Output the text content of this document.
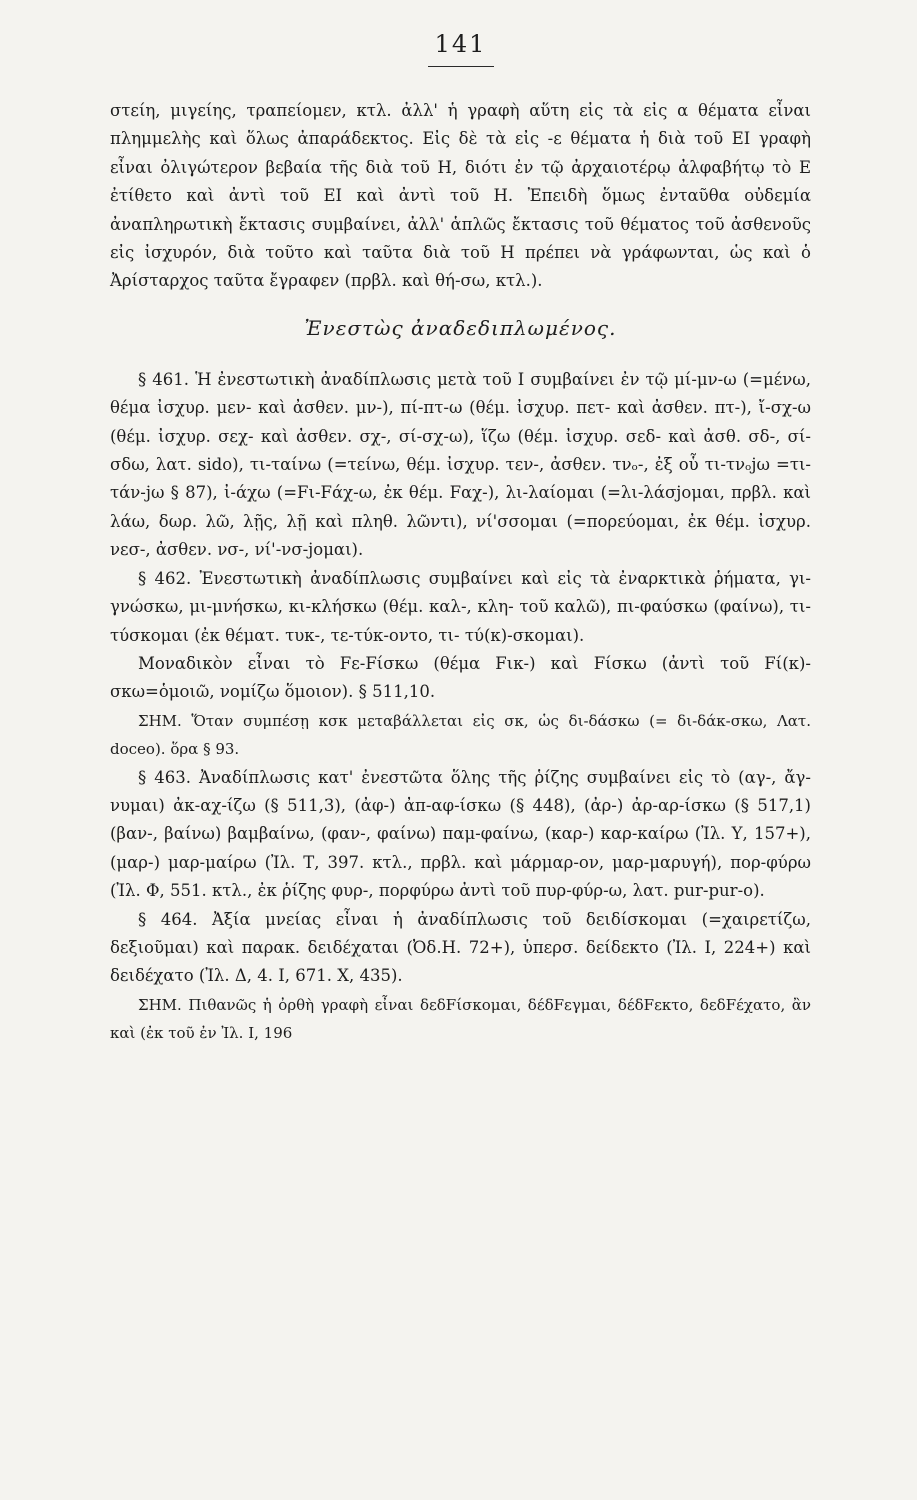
141

στείη, μιγείης, τραπείομεν, κτλ. ἀλλ' ἡ γραφὴ αὕτη εἰς τὰ εἰς α θέματα εἶναι πλημμελὴς καὶ ὅλως ἀπαράδεκτος. Εἰς δὲ τὰ εἰς -ε θέματα ἡ διὰ τοῦ ΕΙ γραφὴ εἶναι ὀλιγώτερον βεβαία τῆς διὰ τοῦ Η, διότι ἐν τῷ ἀρχαιοτέρῳ ἀλφαβήτῳ τὸ Ε ἐτίθετο καὶ ἀντὶ τοῦ ΕΙ καὶ ἀντὶ τοῦ Η. Ἐπειδὴ ὅμως ἐνταῦθα οὐδεμία ἀναπληρωτικὴ ἔκτασις συμβαίνει, ἀλλ' ἁπλῶς ἔκτασις τοῦ θέματος τοῦ ἀσθενοῦς εἰς ἰσχυρόν, διὰ τοῦτο καὶ ταῦτα διὰ τοῦ Η πρέπει νὰ γράφωνται, ὡς καὶ ὁ Ἀρίσταρχος ταῦτα ἔγραφεν (πρβλ. καὶ θή-σω, κτλ.).

Ἐνεστὼς ἀναδεδιπλωμένος.

§ 461. Ἡ ἐνεστωτικὴ ἀναδίπλωσις μετὰ τοῦ Ι συμβαίνει ἐν τῷ μί-μν-ω (=μένω, θέμα ἰσχυρ. μεν- καὶ ἀσθεν. μν-), πί-πτ-ω (θέμ. ἰσχυρ. πετ- καὶ ἀσθεν. πτ-), ἴ-σχ-ω (θέμ. ἰσχυρ. σεχ- καὶ ἀσθεν. σχ-, σί-σχ-ω), ἵζω (θέμ. ἰσχυρ. σεδ- καὶ ἀσθ. σδ-, σί-σδω, λατ. sido), τι-ταίνω (=τείνω, θέμ. ἰσχυρ. τεν-, ἀσθεν. τνₒ-, ἐξ οὗ τι-τνₒjω =τι-τάν-jω § 87), ἰ-άχω (=Fι-Fάχ-ω, ἐκ θέμ. Fαχ-), λι-λαίομαι (=λι-λάσjομαι, πρβλ. καὶ λάω, δωρ. λῶ, λῇς, λῇ καὶ πληθ. λῶντι), νί'σσομαι (=πορεύομαι, ἐκ θέμ. ἰσχυρ. νεσ-, ἀσθεν. νσ-, νί'-νσ-jομαι).

§ 462. Ἐνεστωτικὴ ἀναδίπλωσις συμβαίνει καὶ εἰς τὰ ἐναρκτικὰ ῥήματα, γι-γνώσκω, μι-μνήσκω, κι-κλήσκω (θέμ. καλ-, κλη- τοῦ καλῶ), πι-φαύσκω (φαίνω), τι-τύσκομαι (ἐκ θέματ. τυκ-, τε-τύκ-οντο, τι- τύ(κ)-σκομαι).

Μοναδικὸν εἶναι τὸ Fε-Fίσκω (θέμα Fικ-) καὶ Fίσκω (ἀντὶ τοῦ Fί(κ)-σκω=ὁμοιῶ, νομίζω ὅμοιον). § 511,10.

ΣΗΜ. Ὅταν συμπέσῃ κσκ μεταβάλλεται εἰς σκ, ὡς δι-δάσκω (= δι-δάκ-σκω, Λατ. doceo). ὅρα § 93.

§ 463. Ἀναδίπλωσις κατ' ἐνεστῶτα ὅλης τῆς ῥίζης συμβαίνει εἰς τὸ (αγ-, ἄγ-νυμαι) ἀκ-αχ-ίζω (§ 511,3), (ἀφ-) ἀπ-αφ-ίσκω (§ 448), (ἀρ-) ἀρ-αρ-ίσκω (§ 517,1) (βαν-, βαίνω) βαμβαίνω, (φαν-, φαίνω) παμ-φαίνω, (καρ-) καρ-καίρω (Ἰλ. Υ, 157+), (μαρ-) μαρ-μαίρω (Ἰλ. Τ, 397. κτλ., πρβλ. καὶ μάρμαρ-ον, μαρ-μαρυγή), πορ-φύρω (Ἰλ. Φ, 551. κτλ., ἐκ ῥίζης φυρ-, πορφύρω ἀντὶ τοῦ πυρ-φύρ-ω, λατ. pur-pur-o).

§ 464. Ἀξία μνείας εἶναι ἡ ἀναδίπλωσις τοῦ δειδίσκομαι (=χαιρετίζω, δεξιοῦμαι) καὶ παρακ. δειδέχαται (Ὀδ.Η. 72+), ὑπερσ. δείδεκτο (Ἰλ. Ι, 224+) καὶ δειδέχατο (Ἰλ. Δ, 4. Ι, 671. Χ, 435).

ΣΗΜ. Πιθανῶς ἡ ὀρθὴ γραφὴ εἶναι δεδFίσκομαι, δέδFεγμαι, δέδFεκτο, δεδFέχατο, ἂν καὶ (ἐκ τοῦ ἐν Ἰλ. Ι, 196
